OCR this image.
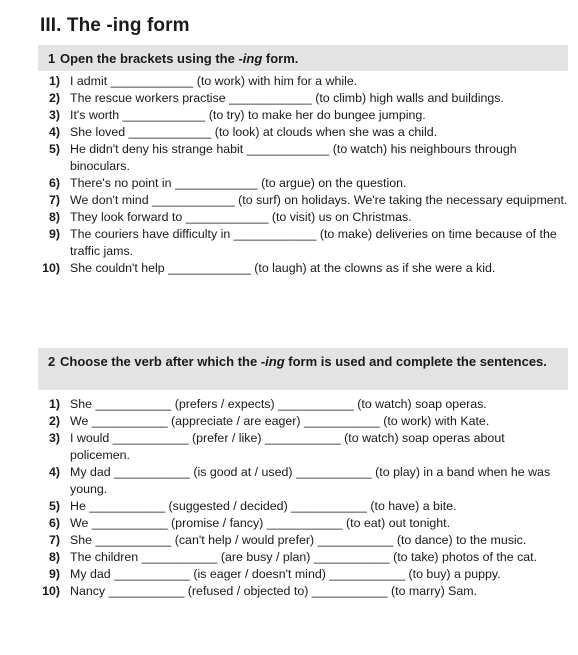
III. The -ing form
1 Open the brackets using the -ing form.
1) I admit ____________ (to work) with him for a while.
2) The rescue workers practise ____________ (to climb) high walls and buildings.
3) It's worth ____________ (to try) to make her do bungee jumping.
4) She loved ____________ (to look) at clouds when she was a child.
5) He didn't deny his strange habit ____________ (to watch) his neighbours through binoculars.
6) There's no point in ____________ (to argue) on the question.
7) We don't mind ____________ (to surf) on holidays. We're taking the necessary equipment.
8) They look forward to ____________ (to visit) us on Christmas.
9) The couriers have difficulty in ____________ (to make) deliveries on time because of the traffic jams.
10) She couldn't help ____________ (to laugh) at the clowns as if she were a kid.
2 Choose the verb after which the -ing form is used and complete the sentences.
1) She ___________ (prefers / expects) ___________ (to watch) soap operas.
2) We ___________ (appreciate / are eager) ___________ (to work) with Kate.
3) I would ___________ (prefer / like) ___________ (to watch) soap operas about policemen.
4) My dad ___________ (is good at / used) ___________ (to play) in a band when he was young.
5) He ___________ (suggested / decided) ___________ (to have) a bite.
6) We ___________ (promise / fancy) ___________ (to eat) out tonight.
7) She ___________ (can't help / would prefer) ___________ (to dance) to the music.
8) The children ___________ (are busy / plan) ___________ (to take) photos of the cat.
9) My dad ___________ (is eager / doesn't mind) ___________ (to buy) a puppy.
10) Nancy ___________ (refused / objected to) ___________ (to marry) Sam.
